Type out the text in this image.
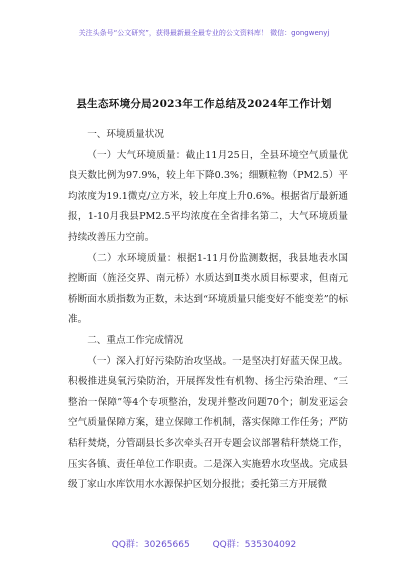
关注头条号“公文研究”，获得最新最全最专业的公文资料库！ 微信：gongwenyj
县生态环境分局2023年工作总结及2024年工作计划

一、环境质量状况

（一）大气环境质量：截止11月25日，全县环境空气质量优良天数比例为97.9%，较上年下降0.3%；细颗粒物（PM2.5）平均浓度为19.1微克/立方米，较上年度上升0.6%。根据省厅最新通报，1-10月我县PM2.5平均浓度在全省排名第二，大气环境质量持续改善压力空前。

（二）水环境质量：根据1-11月份监测数据，我县地表水国控断面（旌泾交界、南元桥）水质达到Ⅱ类水质目标要求，但南元桥断面水质指数为正数，未达到“环境质量只能变好不能变差”的标准。

二、重点工作完成情况

（一）深入打好污染防治攻坚战。一是坚决打好蓝天保卫战。积极推进臭氧污染防治，开展挥发性有机物、扬尘污染治理、“三整治一保障”等4个专项整治，发现并整改问题70个；制发亚运会空气质量保障方案，建立保障工作机制，落实保障工作任务；严防秸秆焚烧，分管副县长多次牵头召开专题会议部署秸秆禁烧工作，压实各镇、责任单位工作职责。二是深入实施碧水攻坚战。完成县级丁家山水库饮用水水源保护区划分报批；委托第三方开展微

QQ群：30265665	QQ群：535304092
